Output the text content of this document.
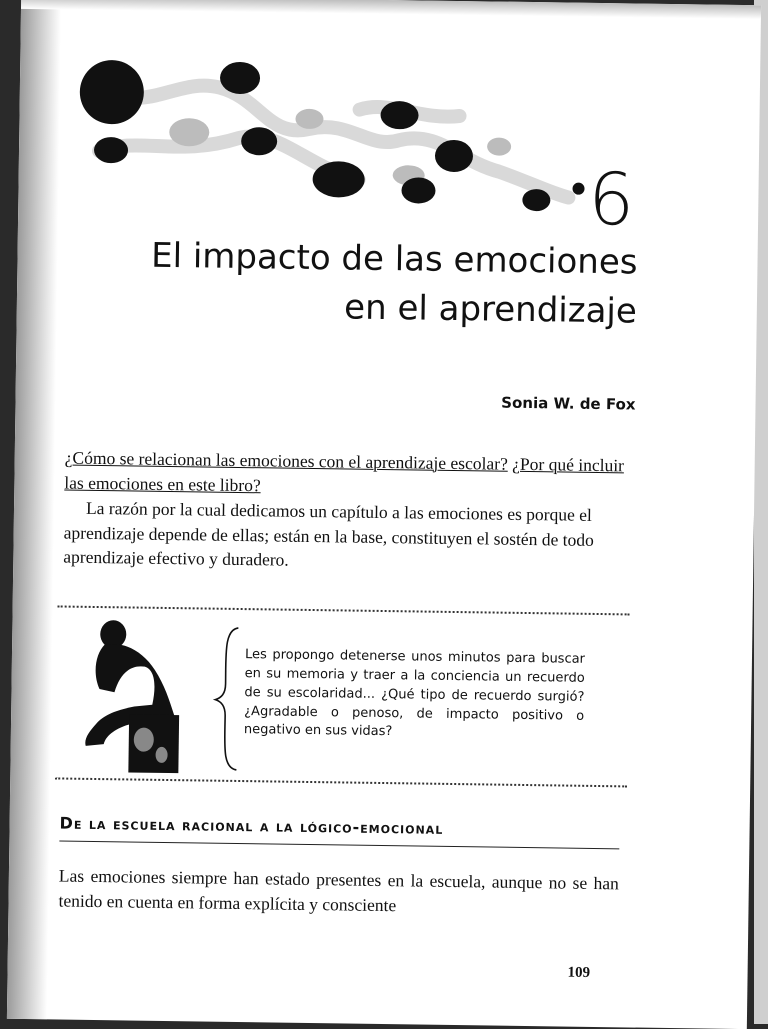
6
El impacto de las emociones
en el aprendizaje
Sonia W. de Fox

¿Cómo se relacionan las emociones con el aprendizaje escolar? ¿Por qué incluir las emociones en este libro?
La razón por la cual dedicamos un capítulo a las emociones es porque el aprendizaje depende de ellas; están en la base, constituyen el sostén de todo aprendizaje efectivo y duradero.

Les propongo detenerse unos minutos para buscar en su memoria y traer a la conciencia un recuerdo de su escolaridad... ¿Qué tipo de recuerdo surgió? ¿Agradable o penoso, de impacto positivo o negativo en sus vidas?

De la escuela racional a la lógico-emocional

Las emociones siempre han estado presentes en la escuela, aunque no se han tenido en cuenta en forma explícita y consciente

109
